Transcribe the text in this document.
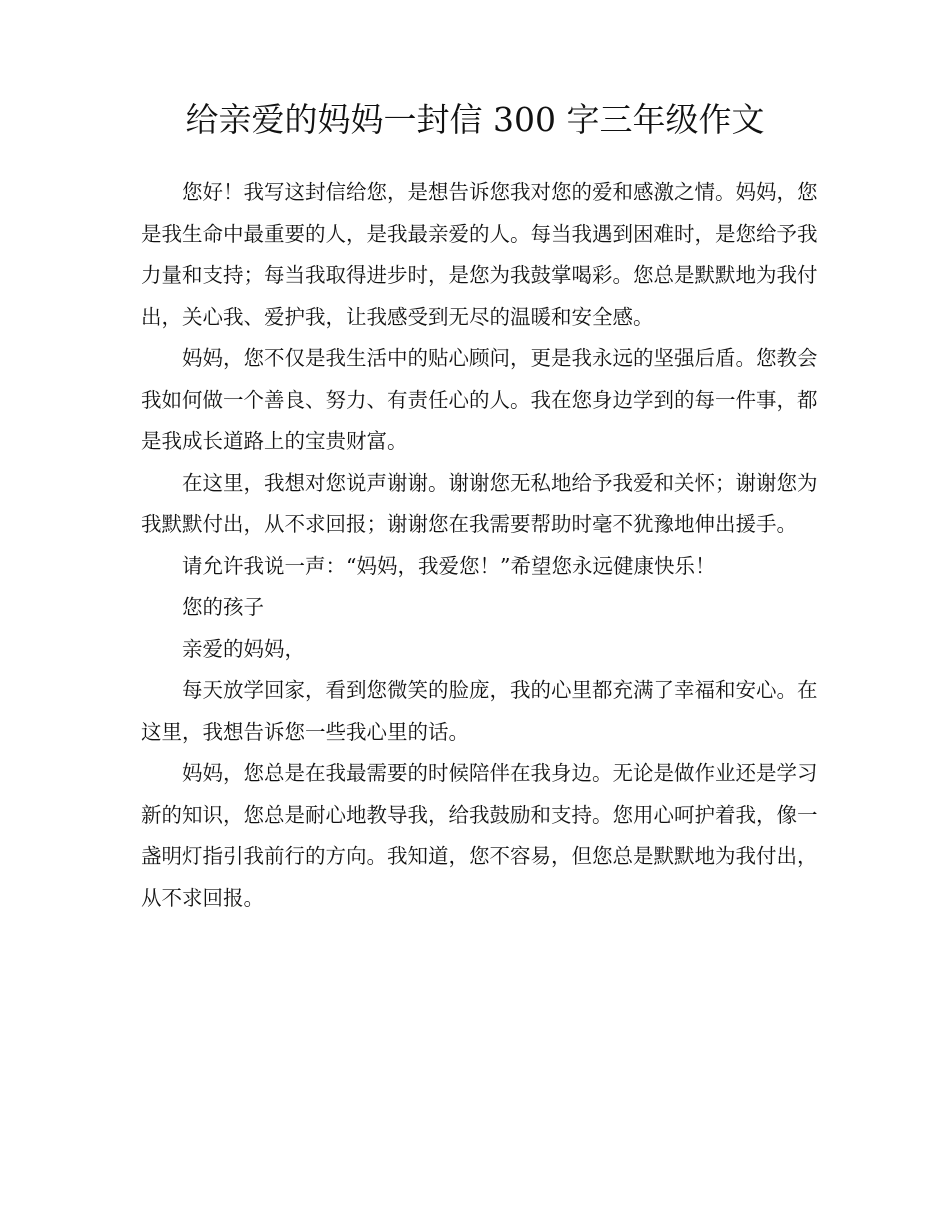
给亲爱的妈妈一封信 300 字三年级作文

您好！我写这封信给您，是想告诉您我对您的爱和感激之情。妈妈，您是我生命中最重要的人，是我最亲爱的人。每当我遇到困难时，是您给予我力量和支持；每当我取得进步时，是您为我鼓掌喝彩。您总是默默地为我付出，关心我、爱护我，让我感受到无尽的温暖和安全感。

妈妈，您不仅是我生活中的贴心顾问，更是我永远的坚强后盾。您教会我如何做一个善良、努力、有责任心的人。我在您身边学到的每一件事，都是我成长道路上的宝贵财富。

在这里，我想对您说声谢谢。谢谢您无私地给予我爱和关怀；谢谢您为我默默付出，从不求回报；谢谢您在我需要帮助时毫不犹豫地伸出援手。

请允许我说一声：“妈妈，我爱您！”希望您永远健康快乐！

您的孩子

亲爱的妈妈，

每天放学回家，看到您微笑的脸庞，我的心里都充满了幸福和安心。在这里，我想告诉您一些我心里的话。

妈妈，您总是在我最需要的时候陪伴在我身边。无论是做作业还是学习新的知识，您总是耐心地教导我，给我鼓励和支持。您用心呵护着我，像一盏明灯指引我前行的方向。我知道，您不容易，但您总是默默地为我付出，从不求回报。
